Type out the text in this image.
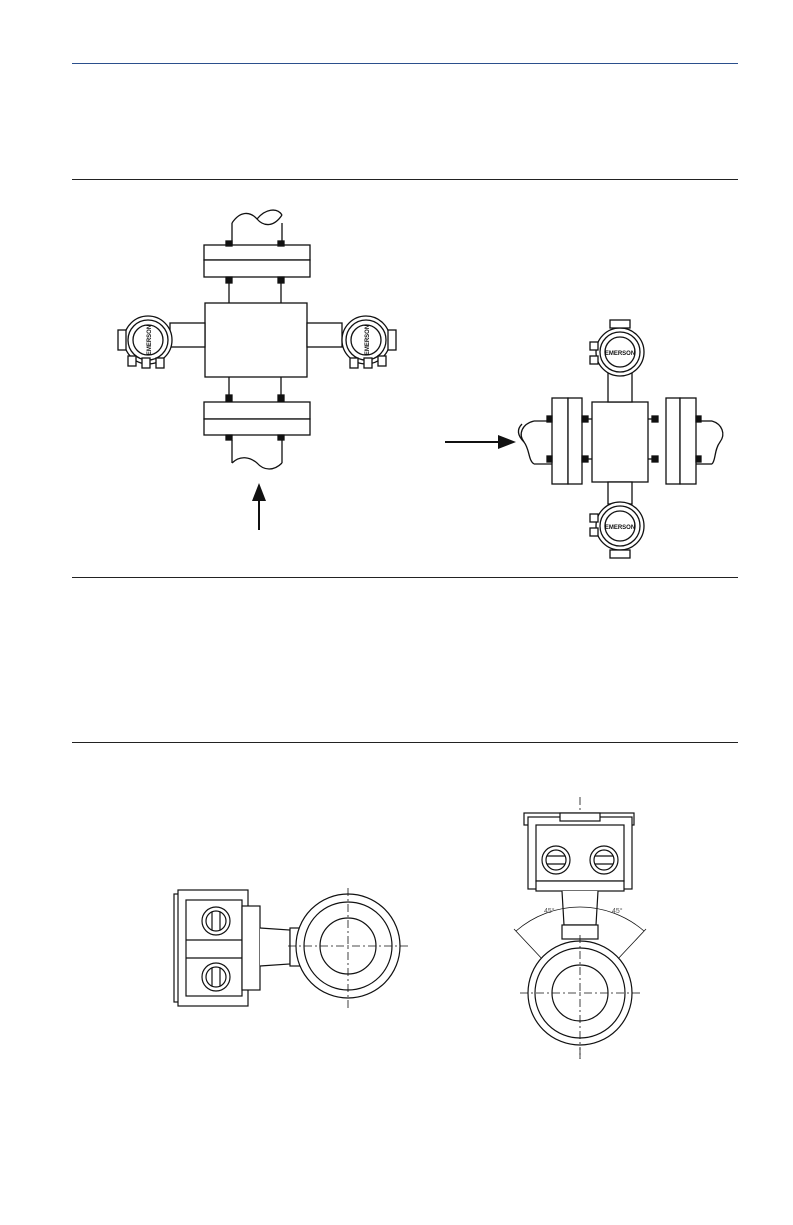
EMERSON	EMERSON	EMERSON
EMERSON
45°	45°
